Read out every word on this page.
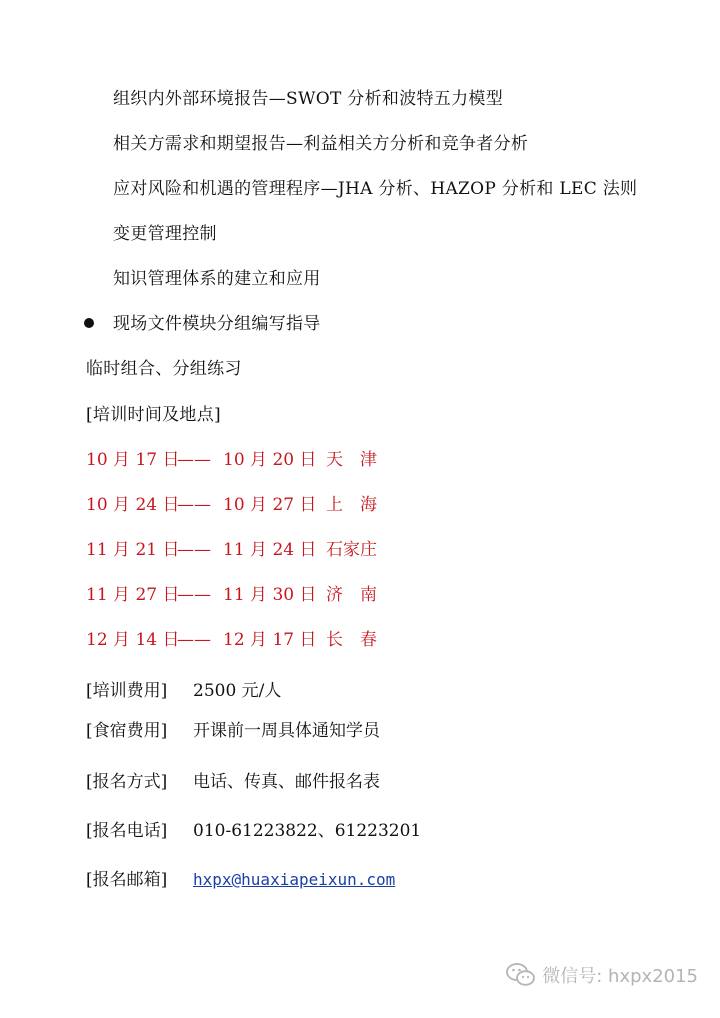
组织内外部环境报告—SWOT 分析和波特五力模型
相关方需求和期望报告—利益相关方分析和竞争者分析
应对风险和机遇的管理程序—JHA 分析、HAZOP 分析和 LEC 法则
变更管理控制
知识管理体系的建立和应用
现场文件模块分组编写指导
临时组合、分组练习
[培训时间及地点]
10 月 17 日—— 10 月 20 日 天　津
10 月 24 日—— 10 月 27 日 上　海
11 月 21 日—— 11 月 24 日 石家庄
11 月 27 日—— 11 月 30 日 济　南
12 月 14 日—— 12 月 17 日 长　春
[培训费用] 2500 元/人
[食宿费用] 开课前一周具体通知学员
[报名方式] 电话、传真、邮件报名表
[报名电话] 010-61223822、61223201
[报名邮箱] hxpx@huaxiapeixun.com
微信号: hxpx2015
